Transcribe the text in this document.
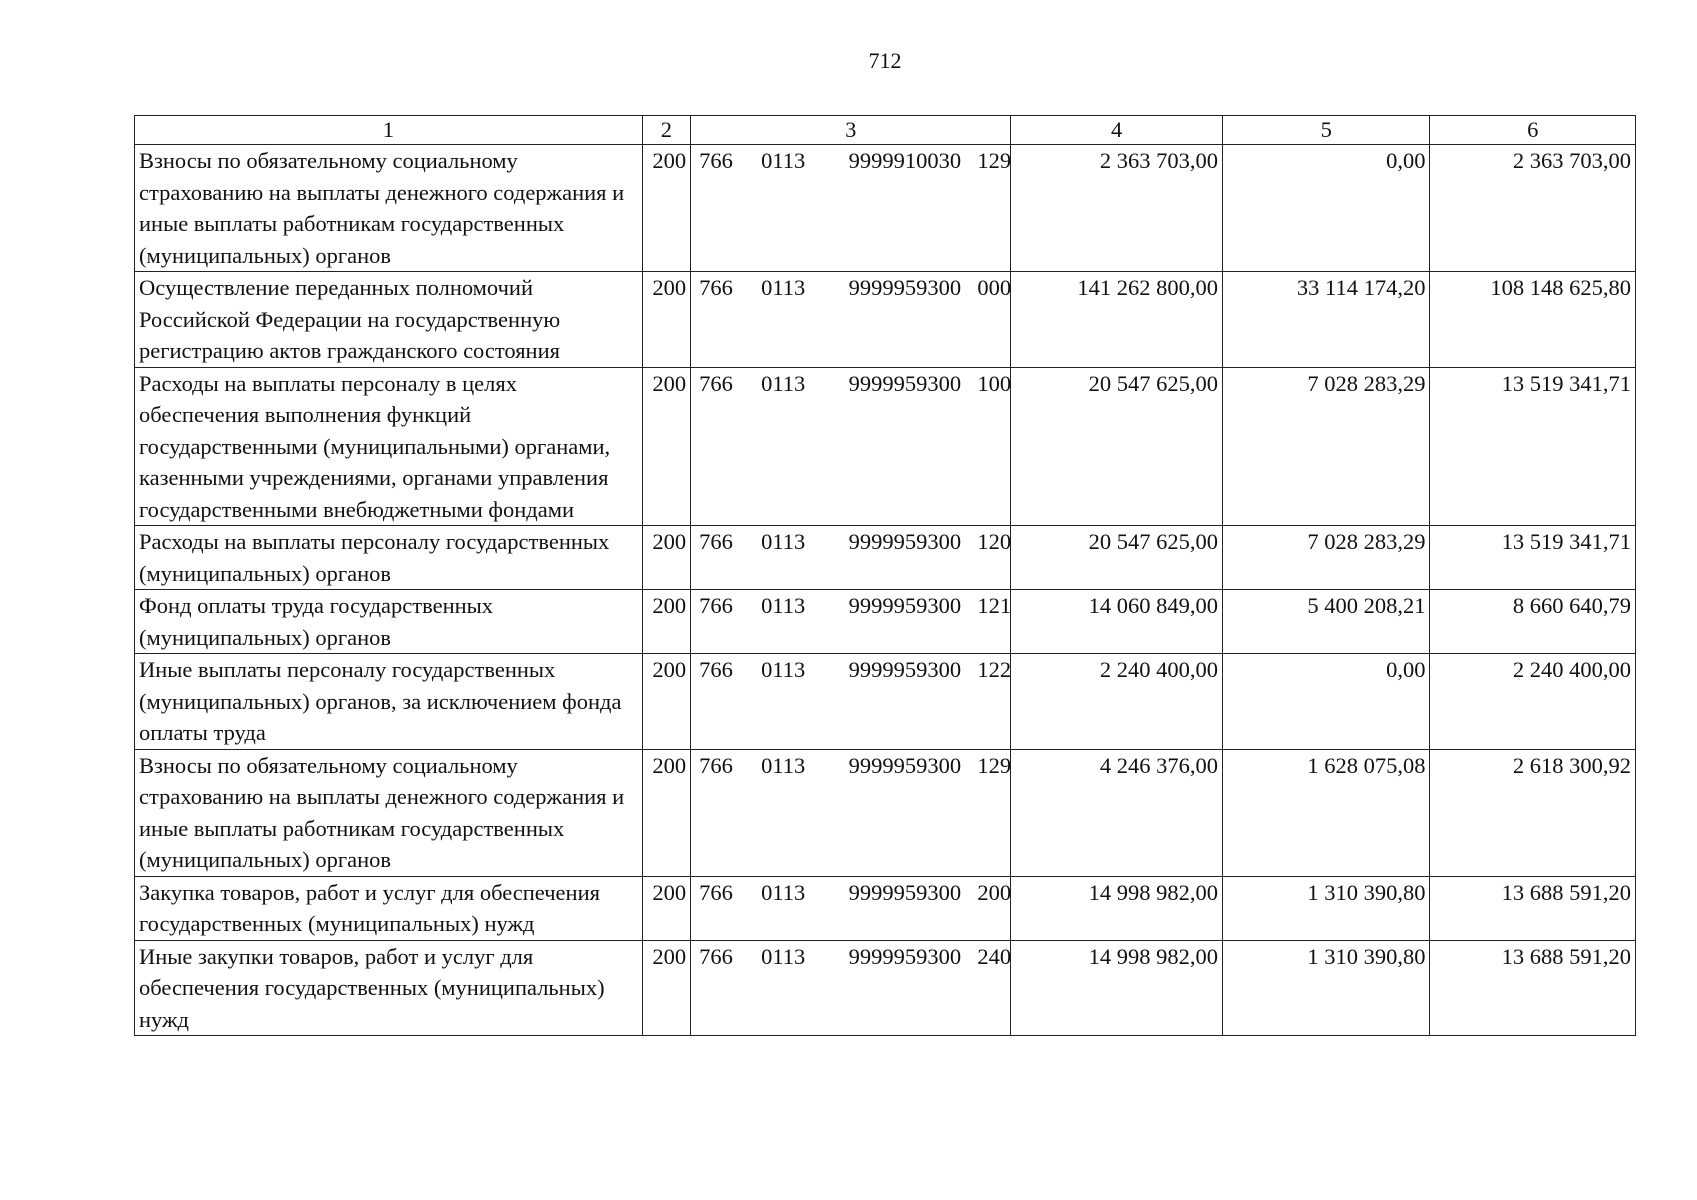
712
1	2	3	4	5	6
Взносы по обязательному социальному страхованию на выплаты денежного содержания и иные выплаты работникам государственных (муниципальных) органов	200	766 0113 9999910030 129	2 363 703,00	0,00	2 363 703,00
Осуществление переданных полномочий Российской Федерации на государственную регистрацию актов гражданского состояния	200	766 0113 9999959300 000	141 262 800,00	33 114 174,20	108 148 625,80
Расходы на выплаты персоналу в целях обеспечения выполнения функций государственными (муниципальными) органами, казенными учреждениями, органами управления государственными внебюджетными фондами	200	766 0113 9999959300 100	20 547 625,00	7 028 283,29	13 519 341,71
Расходы на выплаты персоналу государственных (муниципальных) органов	200	766 0113 9999959300 120	20 547 625,00	7 028 283,29	13 519 341,71
Фонд оплаты труда государственных (муниципальных) органов	200	766 0113 9999959300 121	14 060 849,00	5 400 208,21	8 660 640,79
Иные выплаты персоналу государственных (муниципальных) органов, за исключением фонда оплаты труда	200	766 0113 9999959300 122	2 240 400,00	0,00	2 240 400,00
Взносы по обязательному социальному страхованию на выплаты денежного содержания и иные выплаты работникам государственных (муниципальных) органов	200	766 0113 9999959300 129	4 246 376,00	1 628 075,08	2 618 300,92
Закупка товаров, работ и услуг для обеспечения государственных (муниципальных) нужд	200	766 0113 9999959300 200	14 998 982,00	1 310 390,80	13 688 591,20
Иные закупки товаров, работ и услуг для обеспечения государственных (муниципальных) нужд	200	766 0113 9999959300 240	14 998 982,00	1 310 390,80	13 688 591,20
